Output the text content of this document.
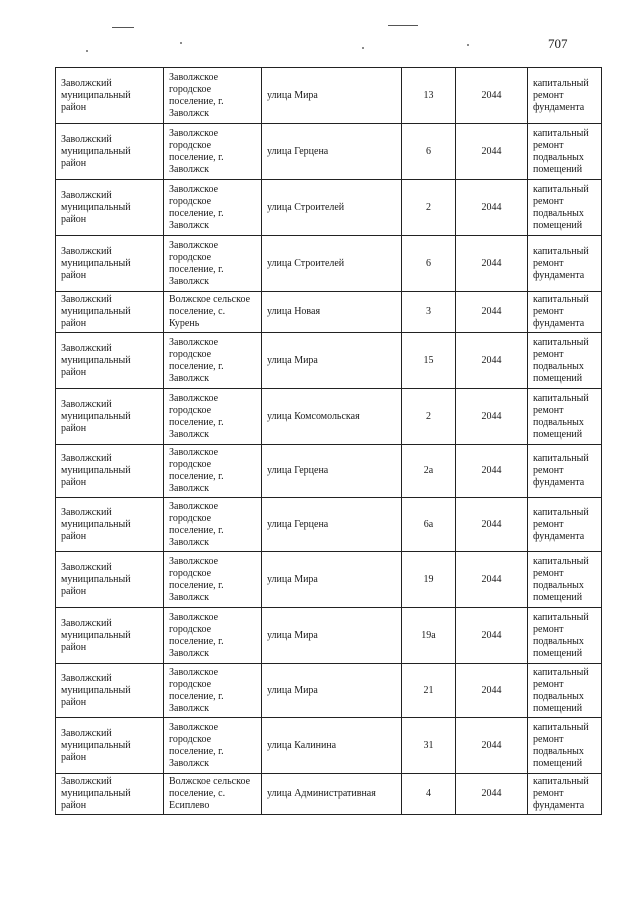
707
Заволжский
муниципальный
район	Заволжское
городское
поселение, г.
Заволжск	улица Мира	13	2044	капитальный
ремонт
фундамента

Заволжский
муниципальный
район	Заволжское
городское
поселение, г.
Заволжск	улица Герцена	6	2044	капитальный
ремонт
подвальных
помещений

Заволжский
муниципальный
район	Заволжское
городское
поселение, г.
Заволжск	улица Строителей	2	2044	капитальный
ремонт
подвальных
помещений

Заволжский
муниципальный
район	Заволжское
городское
поселение, г.
Заволжск	улица Строителей	6	2044	капитальный
ремонт
фундамента

Заволжский
муниципальный
район	Волжское сельское
поселение, с.
Курень	улица Новая	3	2044	капитальный
ремонт
фундамента

Заволжский
муниципальный
район	Заволжское
городское
поселение, г.
Заволжск	улица Мира	15	2044	капитальный
ремонт
подвальных
помещений

Заволжский
муниципальный
район	Заволжское
городское
поселение, г.
Заволжск	улица Комсомольская	2	2044	капитальный
ремонт
подвальных
помещений

Заволжский
муниципальный
район	Заволжское
городское
поселение, г.
Заволжск	улица Герцена	2а	2044	капитальный
ремонт
фундамента

Заволжский
муниципальный
район	Заволжское
городское
поселение, г.
Заволжск	улица Герцена	6а	2044	капитальный
ремонт
фундамента

Заволжский
муниципальный
район	Заволжское
городское
поселение, г.
Заволжск	улица Мира	19	2044	капитальный
ремонт
подвальных
помещений

Заволжский
муниципальный
район	Заволжское
городское
поселение, г.
Заволжск	улица Мира	19а	2044	капитальный
ремонт
подвальных
помещений

Заволжский
муниципальный
район	Заволжское
городское
поселение, г.
Заволжск	улица Мира	21	2044	капитальный
ремонт
подвальных
помещений

Заволжский
муниципальный
район	Заволжское
городское
поселение, г.
Заволжск	улица Калинина	31	2044	капитальный
ремонт
подвальных
помещений

Заволжский
муниципальный
район	Волжское сельское
поселение, с.
Есиплево	улица Административная	4	2044	капитальный
ремонт
фундамента
